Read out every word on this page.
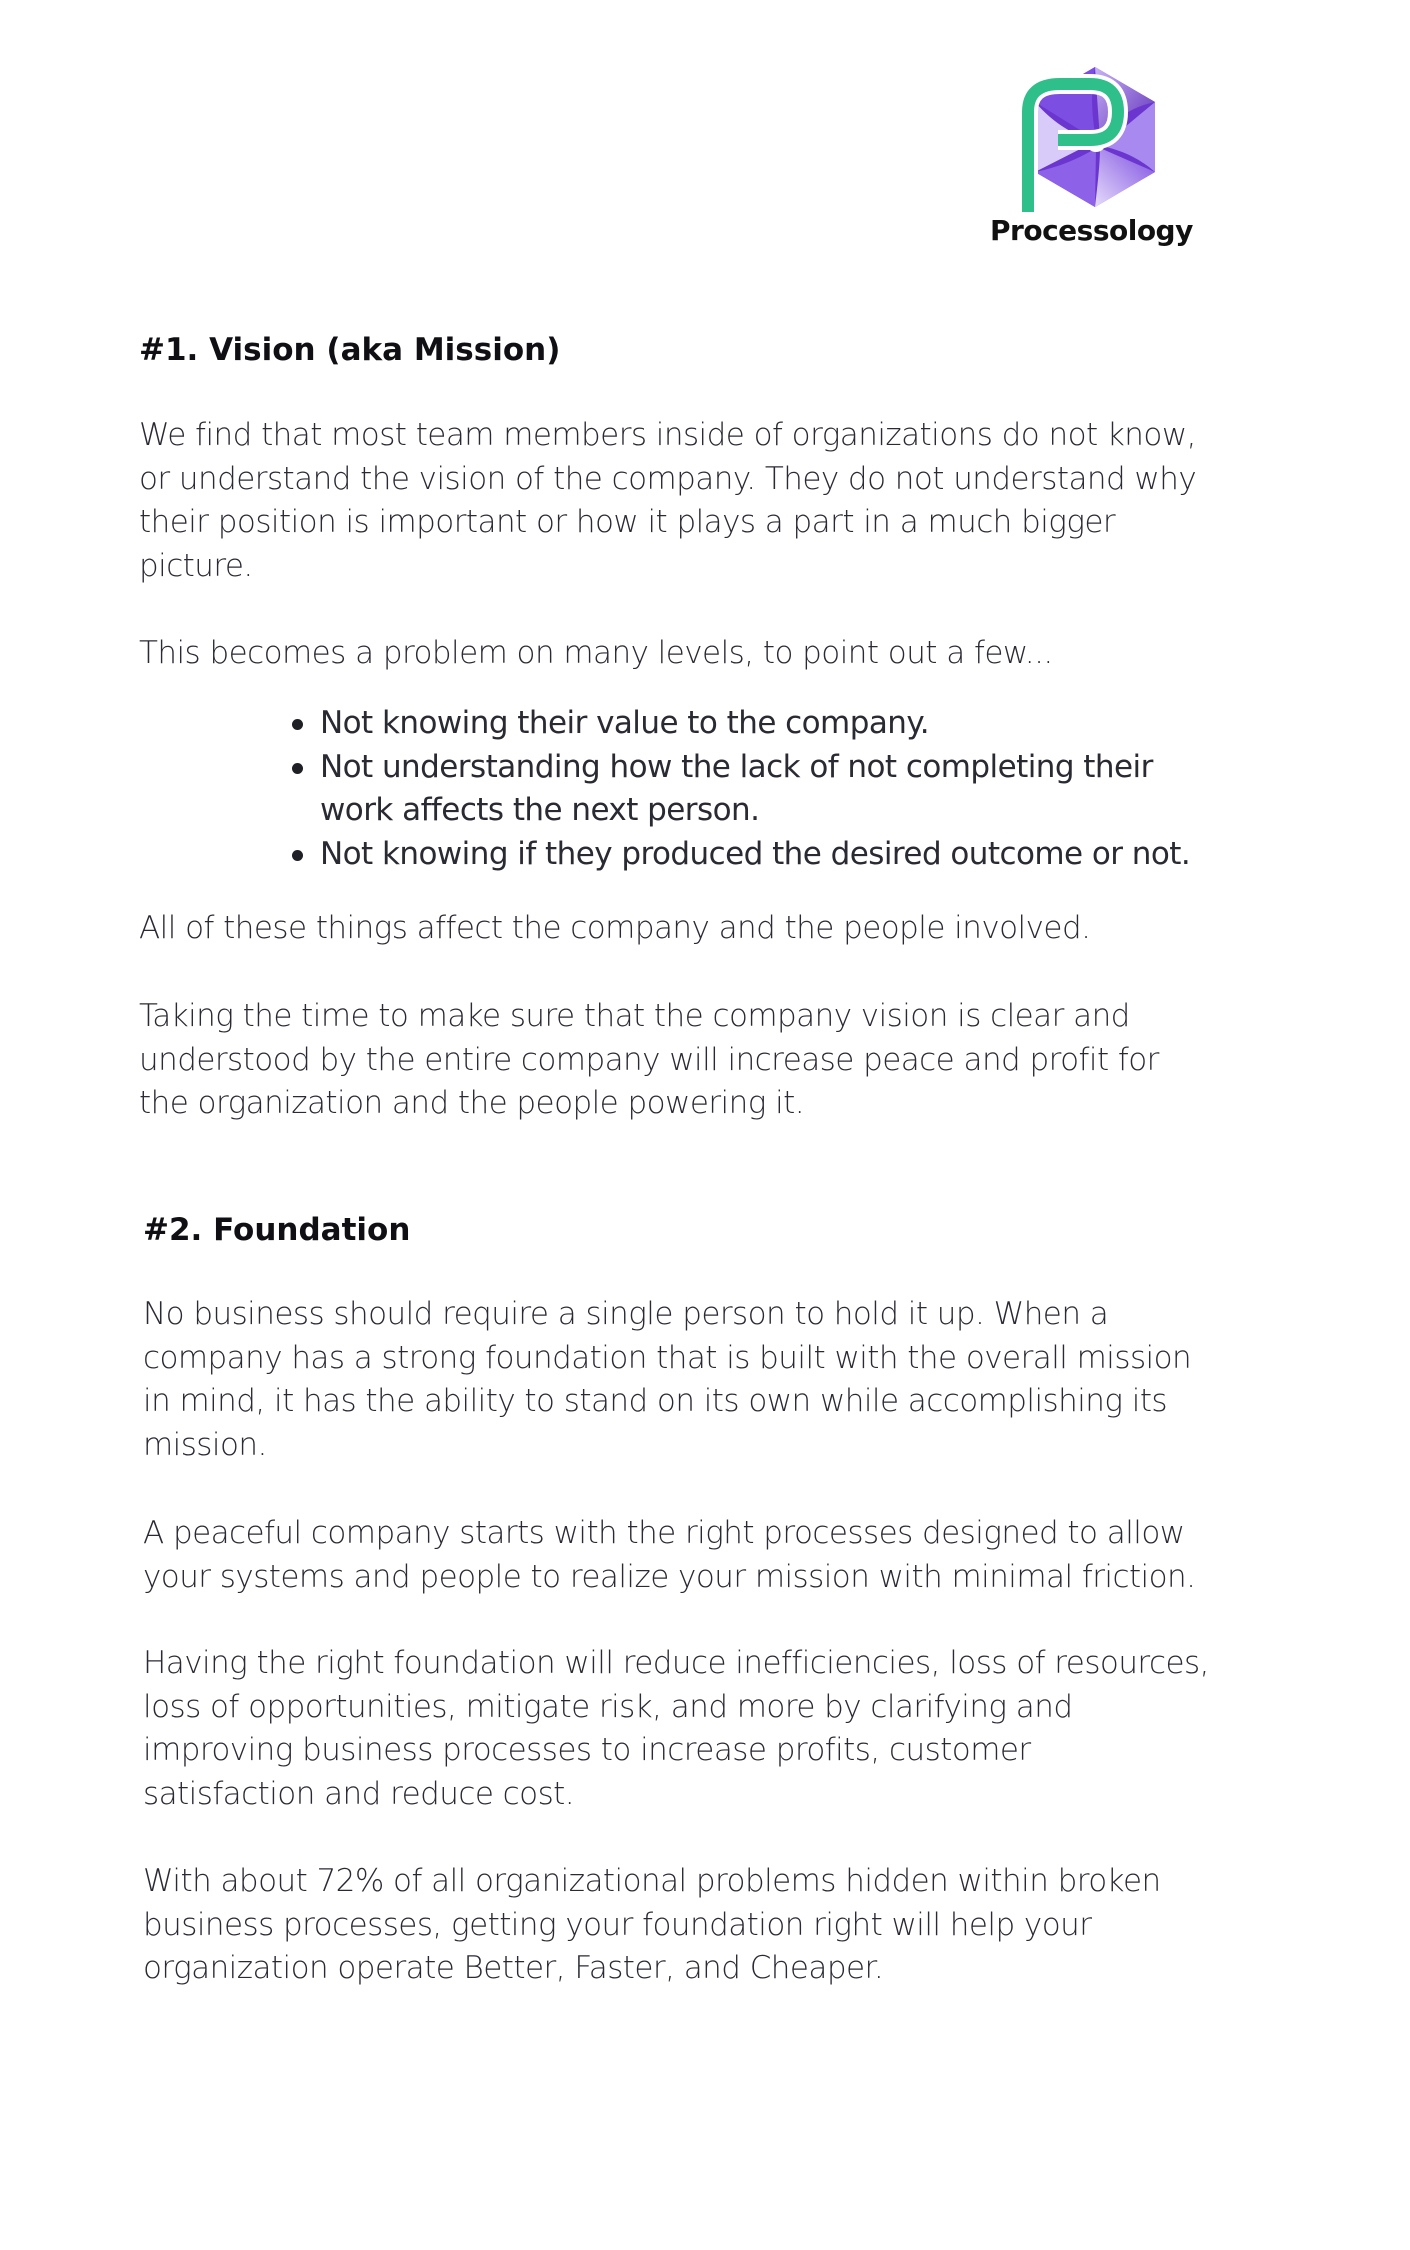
Processology
#1. Vision (aka Mission)

We find that most team members inside of organizations do not know,
or understand the vision of the company. They do not understand why
their position is important or how it plays a part in a much bigger
picture.

This becomes a problem on many levels, to point out a few...

Not knowing their value to the company.
Not understanding how the lack of not completing their
work affects the next person.
Not knowing if they produced the desired outcome or not.

All of these things affect the company and the people involved.

Taking the time to make sure that the company vision is clear and
understood by the entire company will increase peace and profit for
the organization and the people powering it.

#2. Foundation

No business should require a single person to hold it up. When a
company has a strong foundation that is built with the overall mission
in mind, it has the ability to stand on its own while accomplishing its
mission.

A peaceful company starts with the right processes designed to allow
your systems and people to realize your mission with minimal friction.

Having the right foundation will reduce inefficiencies, loss of resources,
loss of opportunities, mitigate risk, and more by clarifying and
improving business processes to increase profits, customer
satisfaction and reduce cost.

With about 72% of all organizational problems hidden within broken
business processes, getting your foundation right will help your
organization operate Better, Faster, and Cheaper.
